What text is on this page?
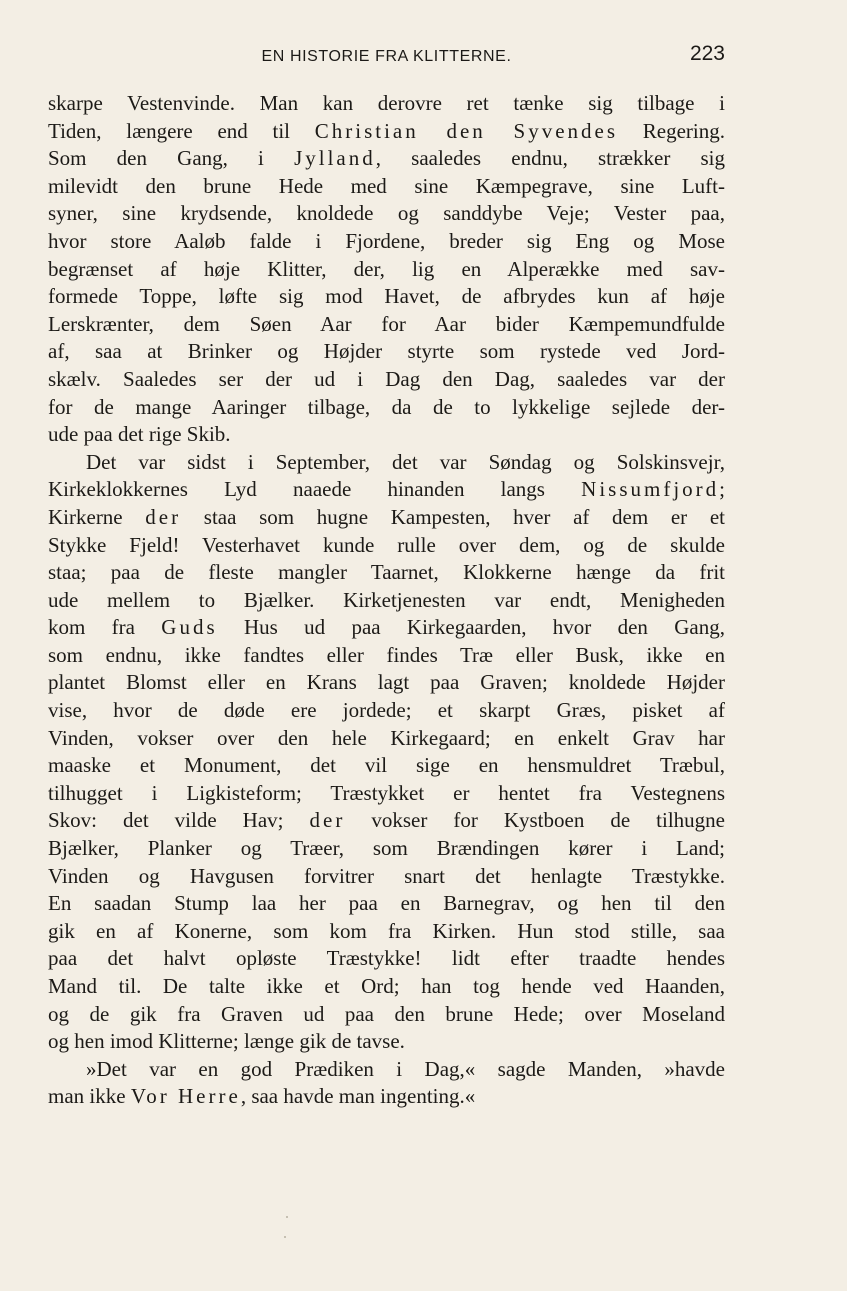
EN HISTORIE FRA KLITTERNE.	223
skarpe Vestenvinde. Man kan derovre ret tænke sig tilbage i
Tiden, længere end til Christian den Syvendes Regering.
Som den Gang, i Jylland, saaledes endnu, strækker sig
milevidt den brune Hede med sine Kæmpegrave, sine Luft-
syner, sine krydsende, knoldede og sanddybe Veje; Vester paa,
hvor store Aaløb falde i Fjordene, breder sig Eng og Mose
begrænset af høje Klitter, der, lig en Alperække med sav-
formede Toppe, løfte sig mod Havet, de afbrydes kun af høje
Lerskrænter, dem Søen Aar for Aar bider Kæmpemundfulde
af, saa at Brinker og Højder styrte som rystede ved Jord-
skælv. Saaledes ser der ud i Dag den Dag, saaledes var der
for de mange Aaringer tilbage, da de to lykkelige sejlede der-
ude paa det rige Skib.
Det var sidst i September, det var Søndag og Solskinsvejr,
Kirkeklokkernes Lyd naaede hinanden langs Nissumfjord;
Kirkerne der staa som hugne Kampesten, hver af dem er et
Stykke Fjeld! Vesterhavet kunde rulle over dem, og de skulde
staa; paa de fleste mangler Taarnet, Klokkerne hænge da frit
ude mellem to Bjælker. Kirketjenesten var endt, Menigheden
kom fra Guds Hus ud paa Kirkegaarden, hvor den Gang,
som endnu, ikke fandtes eller findes Træ eller Busk, ikke en
plantet Blomst eller en Krans lagt paa Graven; knoldede Højder
vise, hvor de døde ere jordede; et skarpt Græs, pisket af
Vinden, vokser over den hele Kirkegaard; en enkelt Grav har
maaske et Monument, det vil sige en hensmuldret Træbul,
tilhugget i Ligkisteform; Træstykket er hentet fra Vestegnens
Skov: det vilde Hav; der vokser for Kystboen de tilhugne
Bjælker, Planker og Træer, som Brændingen kører i Land;
Vinden og Havgusen forvitrer snart det henlagte Træstykke.
En saadan Stump laa her paa en Barnegrav, og hen til den
gik en af Konerne, som kom fra Kirken. Hun stod stille, saa
paa det halvt opløste Træstykke! lidt efter traadte hendes
Mand til. De talte ikke et Ord; han tog hende ved Haanden,
og de gik fra Graven ud paa den brune Hede; over Moseland
og hen imod Klitterne; længe gik de tavse.
»Det var en god Prædiken i Dag,« sagde Manden, »havde
man ikke Vor Herre, saa havde man ingenting.«
